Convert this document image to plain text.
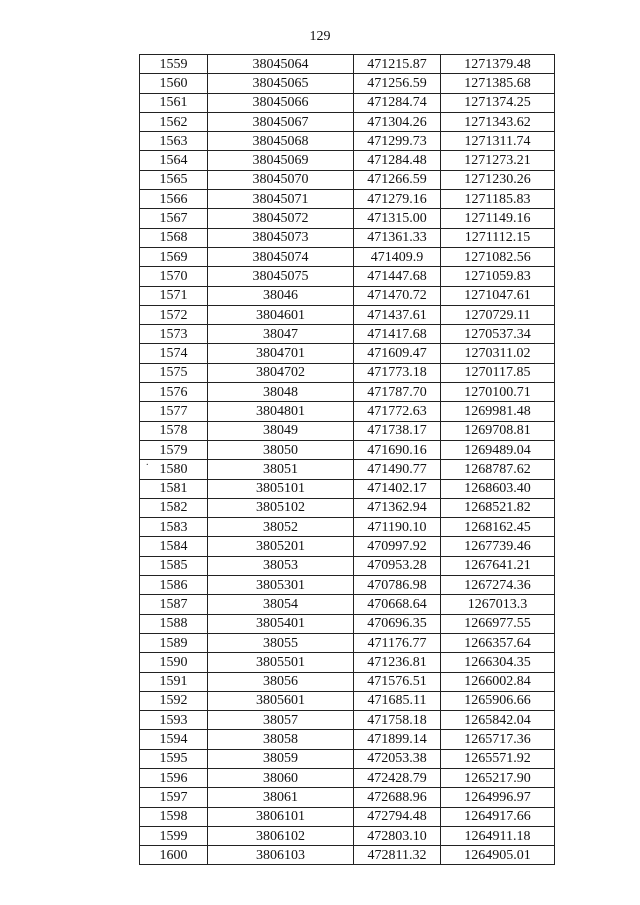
129
.
1559	38045064	471215.87	1271379.48
1560	38045065	471256.59	1271385.68
1561	38045066	471284.74	1271374.25
1562	38045067	471304.26	1271343.62
1563	38045068	471299.73	1271311.74
1564	38045069	471284.48	1271273.21
1565	38045070	471266.59	1271230.26
1566	38045071	471279.16	1271185.83
1567	38045072	471315.00	1271149.16
1568	38045073	471361.33	1271112.15
1569	38045074	471409.9	1271082.56
1570	38045075	471447.68	1271059.83
1571	38046	471470.72	1271047.61
1572	3804601	471437.61	1270729.11
1573	38047	471417.68	1270537.34
1574	3804701	471609.47	1270311.02
1575	3804702	471773.18	1270117.85
1576	38048	471787.70	1270100.71
1577	3804801	471772.63	1269981.48
1578	38049	471738.17	1269708.81
1579	38050	471690.16	1269489.04
1580	38051	471490.77	1268787.62
1581	3805101	471402.17	1268603.40
1582	3805102	471362.94	1268521.82
1583	38052	471190.10	1268162.45
1584	3805201	470997.92	1267739.46
1585	38053	470953.28	1267641.21
1586	3805301	470786.98	1267274.36
1587	38054	470668.64	1267013.3
1588	3805401	470696.35	1266977.55
1589	38055	471176.77	1266357.64
1590	3805501	471236.81	1266304.35
1591	38056	471576.51	1266002.84
1592	3805601	471685.11	1265906.66
1593	38057	471758.18	1265842.04
1594	38058	471899.14	1265717.36
1595	38059	472053.38	1265571.92
1596	38060	472428.79	1265217.90
1597	38061	472688.96	1264996.97
1598	3806101	472794.48	1264917.66
1599	3806102	472803.10	1264911.18
1600	3806103	472811.32	1264905.01
